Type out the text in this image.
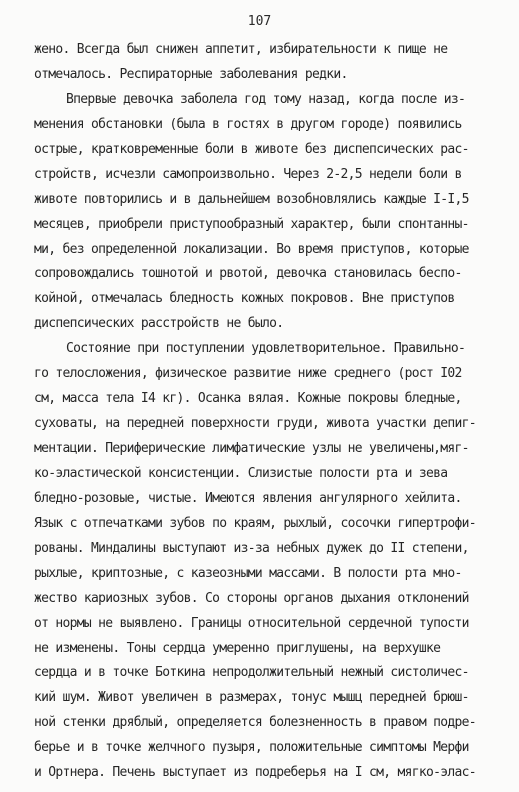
107
жено. Всегда был снижен аппетит, избирательности к пище не
отмечалось. Респираторные заболевания редки.
Впервые девочка заболела год тому назад, когда после из-
менения обстановки (была в гостях в другом городе) появились
острые, кратковременные боли в животе без диспепсических рас-
стройств, исчезли самопроизвольно. Через 2-2,5 недели боли в
животе повторились и в дальнейшем возобновлялись каждые I-I,5
месяцев, приобрели приступообразный характер, были спонтанны-
ми, без определенной локализации. Во время приступов, которые
сопровождались тошнотой и рвотой, девочка становилась беспо-
койной, отмечалась бледность кожных покровов. Вне приступов
диспепсических расстройств не было.
Состояние при поступлении удовлетворительное. Правильно-
го телосложения, физическое развитие ниже среднего (рост I02
см, масса тела I4 кг). Осанка вялая. Кожные покровы бледные,
суховаты, на передней поверхности груди, живота участки депиг-
ментации. Периферические лимфатические узлы не увеличены,мяг-
ко-эластической консистенции. Слизистые полости рта и зева
бледно-розовые, чистые. Имеются явления ангулярного хейлита.
Язык с отпечатками зубов по краям, рыхлый, сосочки гипертрофи-
рованы. Миндалины выступают из-за небных дужек до II степени,
рыхлые, криптозные, с казеозными массами. В полости рта мно-
жество кариозных зубов. Со стороны органов дыхания отклонений
от нормы не выявлено. Границы относительной сердечной тупости
не изменены. Тоны сердца умеренно приглушены, на верхушке
сердца и в точке Боткина непродолжительный нежный систоличес-
кий шум. Живот увеличен в размерах, тонус мышц передней брюш-
ной стенки дряблый, определяется болезненность в правом подре-
берье и в точке желчного пузыря, положительные симптомы Мерфи
и Ортнера. Печень выступает из подреберья на I см, мягко-элас-
